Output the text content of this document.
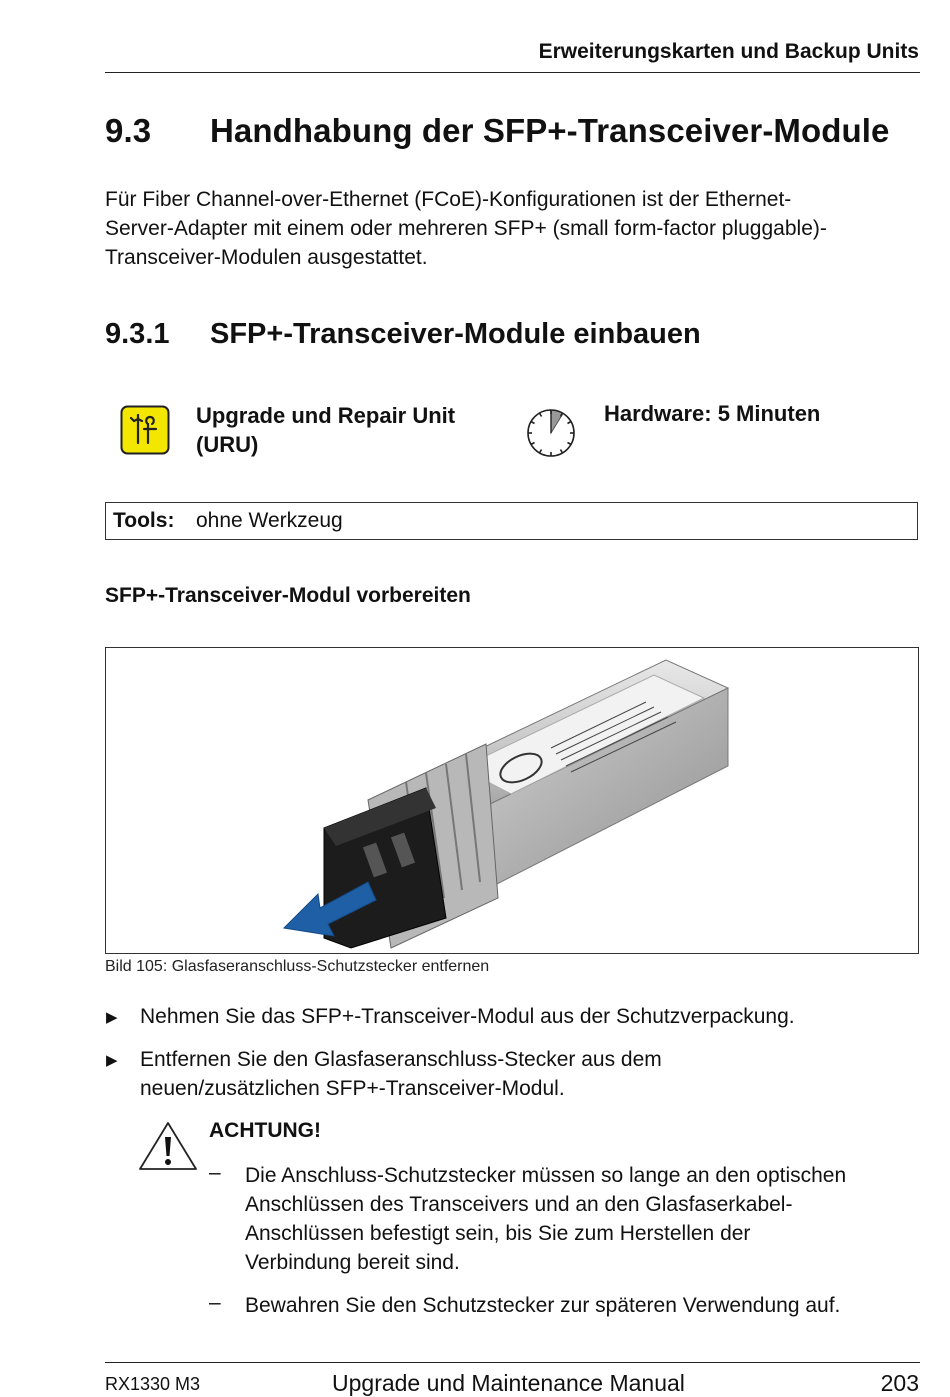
Erweiterungskarten und Backup Units
9.3 Handhabung der SFP+-Transceiver-Module
Für Fiber Channel-over-Ethernet (FCoE)-Konfigurationen ist der Ethernet-
Server-Adapter mit einem oder mehreren SFP+ (small form-factor pluggable)-
Transceiver-Modulen ausgestattet.
9.3.1 SFP+-Transceiver-Module einbauen
Upgrade und Repair Unit
(URU)
Hardware: 5 Minuten
Tools: ohne Werkzeug
SFP+-Transceiver-Modul vorbereiten
Bild 105: Glasfaseranschluss-Schutzstecker entfernen
▶ Nehmen Sie das SFP+-Transceiver-Modul aus der Schutzverpackung.
▶ Entfernen Sie den Glasfaseranschluss-Stecker aus dem
neuen/zusätzlichen SFP+-Transceiver-Modul.
ACHTUNG!
– Die Anschluss-Schutzstecker müssen so lange an den optischen
Anschlüssen des Transceivers und an den Glasfaserkabel-
Anschlüssen befestigt sein, bis Sie zum Herstellen der
Verbindung bereit sind.
– Bewahren Sie den Schutzstecker zur späteren Verwendung auf.
RX1330 M3	Upgrade und Maintenance Manual	203
